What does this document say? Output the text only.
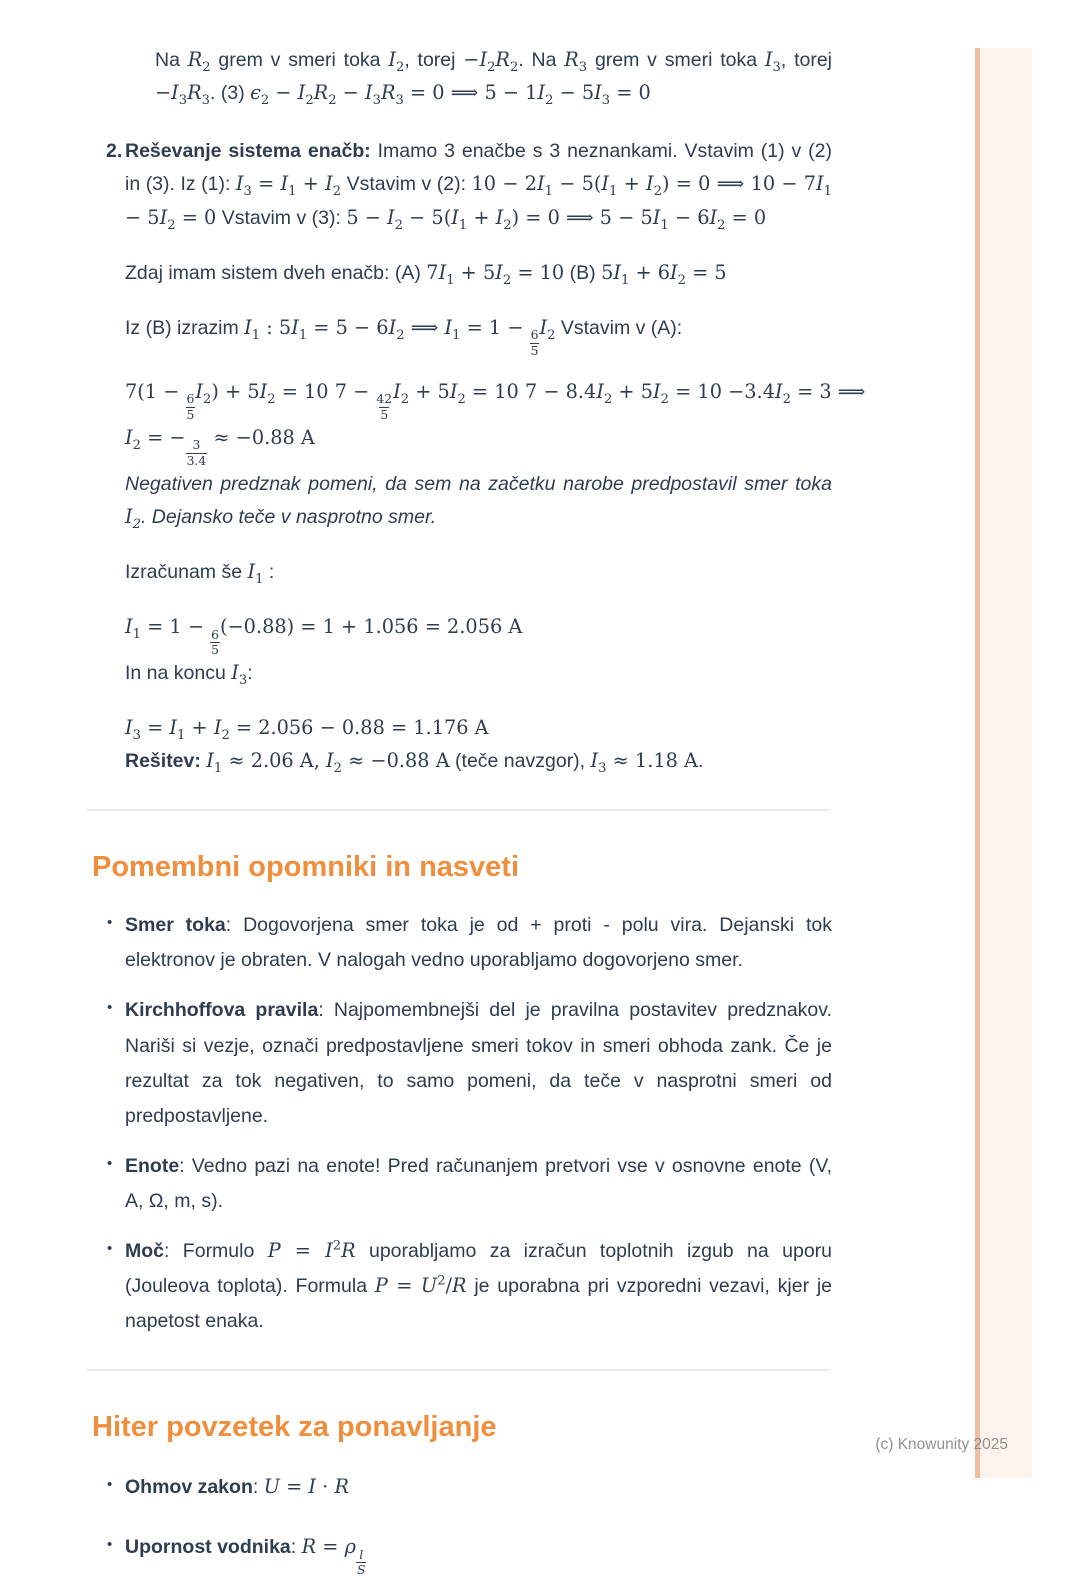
Na $R_2$ grem v smeri toka $I_2$, torej $-I_2R_2$. Na $R_3$ grem v smeri toka $I_3$, torej $-I_3R_3$. (3) $\epsilon_2 - I_2R_2 - I_3R_3 = 0$ ⟹ $5 - 1I_2 - 5I_3 = 0$

2. Reševanje sistema enačb: Imamo 3 enačbe s 3 neznankami. Vstavim (1) v (2) in (3). Iz (1): $I_3 = I_1 + I_2$ Vstavim v (2): $10 - 2I_1 - 5(I_1 + I_2) = 0$ ⟹ $10 - 7I_1 - 5I_2 = 0$ Vstavim v (3): $5 - I_2 - 5(I_1 + I_2) = 0$ ⟹ $5 - 5I_1 - 6I_2 = 0$

Zdaj imam sistem dveh enačb: (A) $7I_1 + 5I_2 = 10$ (B) $5I_1 + 6I_2 = 5$

Iz (B) izrazim $I_1$ : $5I_1 = 5 - 6I_2$ ⟹ $I_1 = 1$ −
$\frac{6}{5}$
$I_2$ Vstavim v (A):

7(1 −
$\frac{6}{5}$
$I_2) + 5I_2 = 10$ 7 −
$\frac{42}{5}$
$I_2 + 5I_2 = 10$ $7 - 8.4I_2 + 5I_2 = 10 -3.4I_2 = 3$ ⟹

$I_2$ = −
$\frac{3}{3.4}$
≈ −0.88 A

Negativen predznak pomeni, da sem na začetku narobe predpostavil smer toka $I_2$. Dejansko teče v nasprotno smer.

Izračunam še $I_1$ :

$I_1 = 1$ −
$\frac{6}{5}$
(−0.88) = 1 + 1.056 = 2.056 A

In na koncu $I_3$:

$I_3 = I_1 + I_2 = 2.056 - 0.88 = 1.176$ A

Rešitev: $I_1 \approx 2.06$ A, $I_2 \approx -0.88$ A (teče navzgor), $I_3 \approx 1.18$ A.

Pomembni opomniki in nasveti
• Smer toka: Dogovorjena smer toka je od + proti - polu vira. Dejanski tok elektronov je obraten. V nalogah vedno uporabljamo dogovorjeno smer.
• Kirchhoffova pravila: Najpomembnejši del je pravilna postavitev predznakov. Nariši si vezje, označi predpostavljene smeri tokov in smeri obhoda zank. Če je rezultat za tok negativen, to samo pomeni, da teče v nasprotni smeri od predpostavljene.
• Enote: Vedno pazi na enote! Pred računanjem pretvori vse v osnovne enote (V, A, Ω, m, s).
• Moč: Formulo $P = I^2R$ uporabljamo za izračun toplotnih izgub na uporu (Jouleova toplota). Formula $P = U^2/R$ je uporabna pri vzporedni vezavi, kjer je napetost enaka.
Hiter povzetek za ponavljanje
• Ohmov zakon: U = I · R
• Upornost vodnika: R = ρ
$\frac{l}{S}$
(c) Knowunity 2025
